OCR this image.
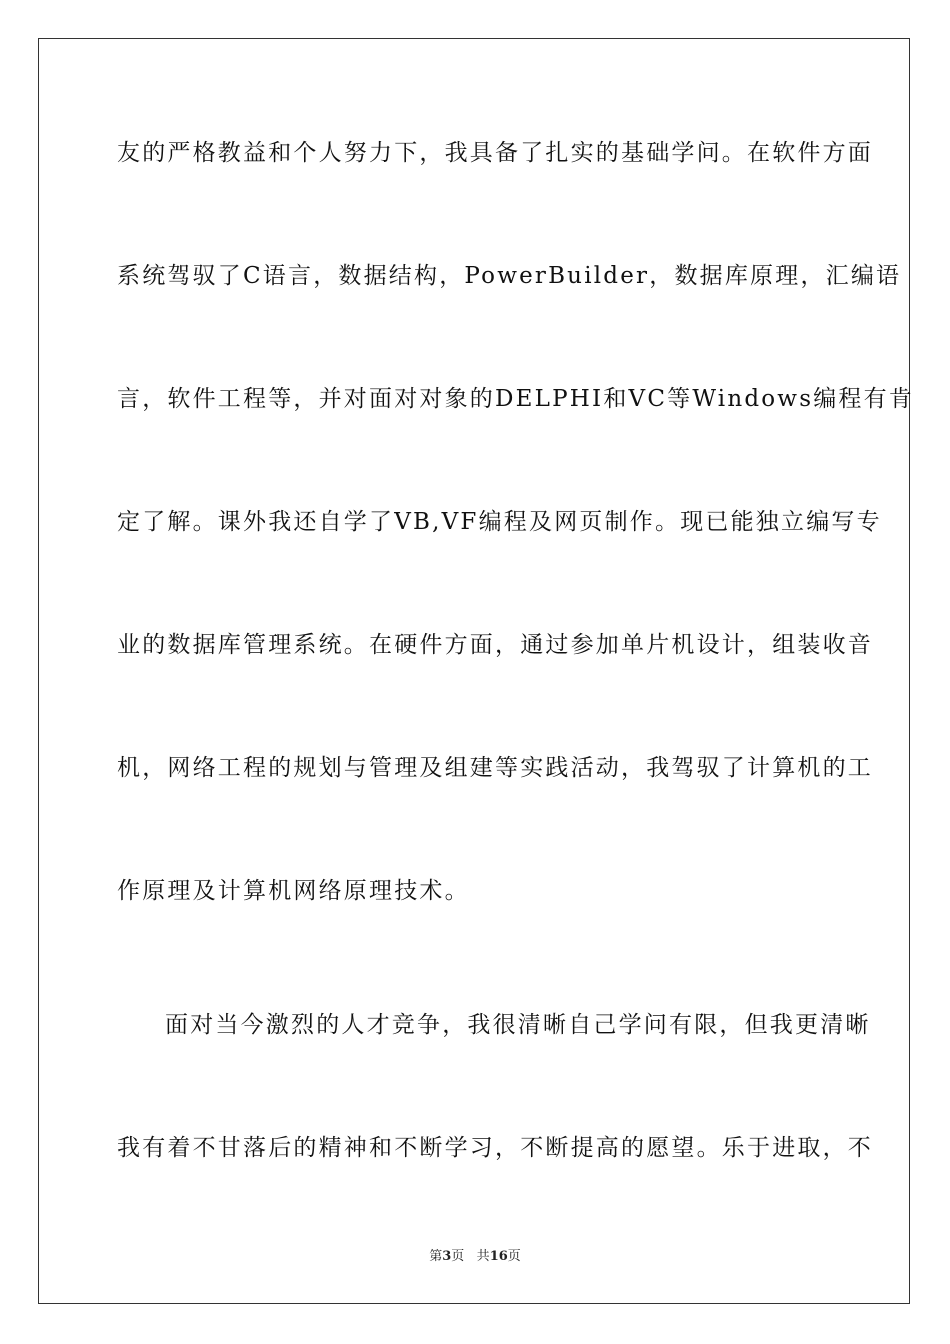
友的严格教益和个人努力下，我具备了扎实的基础学问。在软件方面
系统驾驭了C语言，数据结构，PowerBuilder，数据库原理，汇编语
言，软件工程等，并对面对对象的DELPHI和VC等Windows编程有肯
定了解。课外我还自学了VB,VF编程及网页制作。现已能独立编写专
业的数据库管理系统。在硬件方面，通过参加单片机设计，组装收音
机，网络工程的规划与管理及组建等实践活动，我驾驭了计算机的工
作原理及计算机网络原理技术。
面对当今激烈的人才竞争，我很清晰自己学问有限，但我更清晰
我有着不甘落后的精神和不断学习，不断提高的愿望。乐于进取，不
第3页 共16页
